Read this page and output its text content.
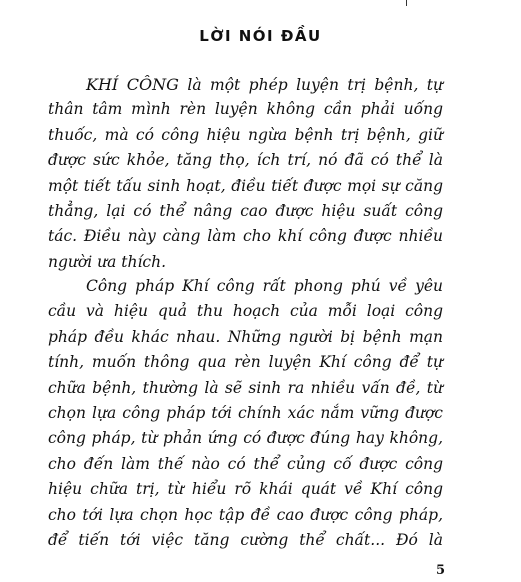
LỜI NÓI ĐẦU
KHÍ CÔNG là một phép luyện trị bệnh, tự
thân tâm mình rèn luyện không cần phải uống
thuốc, mà có công hiệu ngừa bệnh trị bệnh, giữ
được sức khỏe, tăng thọ, ích trí, nó đã có thể là
một tiết tấu sinh hoạt, điều tiết được mọi sự căng
thẳng, lại có thể nâng cao được hiệu suất công
tác. Điều này càng làm cho khí công được nhiều
người ưa thích.
Công pháp Khí công rất phong phú về yêu
cầu và hiệu quả thu hoạch của mỗi loại công
pháp đều khác nhau. Những người bị bệnh mạn
tính, muốn thông qua rèn luyện Khí công để tự
chữa bệnh, thường là sẽ sinh ra nhiều vấn đề, từ
chọn lựa công pháp tới chính xác nắm vững được
công pháp, từ phản ứng có được đúng hay không,
cho đến làm thế nào có thể củng cố được công
hiệu chữa trị, từ hiểu rõ khái quát về Khí công
cho tới lựa chọn học tập đề cao được công pháp,
để tiến tới việc tăng cường thể chất... Đó là
5
